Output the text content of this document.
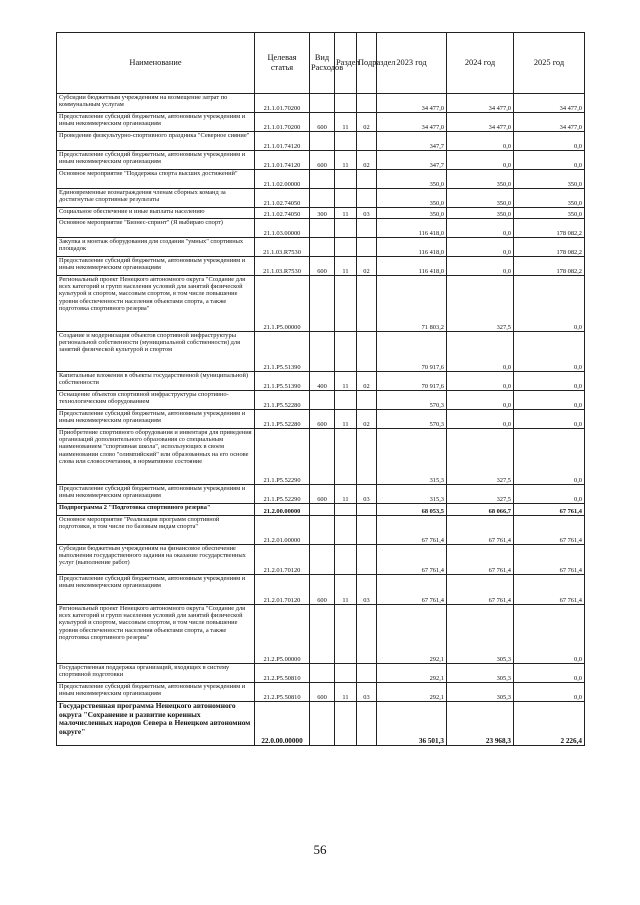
Наименование	Целевая статья	Вид Расходов	Раздел	Подраздел	2023 год	2024 год	2025 год
Субсидии бюджетным учреждениям на возмещение затрат по коммунальным услугам	21.1.01.70200				34 477,0	34 477,0	34 477,0
Предоставление субсидий бюджетным, автономным учреждениям и иным некоммерческим организациям	21.1.01.70200	600	11	02	34 477,0	34 477,0	34 477,0
Проведение физкультурно-спортивного праздника "Северное сияние"	21.1.01.74120				347,7	0,0	0,0
Предоставление субсидий бюджетным, автономным учреждениям и иным некоммерческим организациям	21.1.01.74120	600	11	02	347,7	0,0	0,0
Основное мероприятие "Поддержка спорта высших достижений"	21.1.02.00000				350,0	350,0	350,0
Единовременные вознаграждения членам сборных команд за достигнутые спортивные результаты	21.1.02.74050				350,0	350,0	350,0
Социальное обеспечение и иные выплаты населению	21.1.02.74050	300	11	03	350,0	350,0	350,0
Основное мероприятие "Бизнес-спринт" (Я выбираю спорт)	21.1.03.00000				116 418,0	0,0	178 082,2
Закупка и монтаж оборудования для создания "умных" спортивных площадок	21.1.03.R7530				116 418,0	0,0	178 082,2
Предоставление субсидий бюджетным, автономным учреждениям и иным некоммерческим организациям	21.1.03.R7530	600	11	02	116 418,0	0,0	178 082,2
Региональный проект Ненецкого автономного округа "Создание для всех категорий и групп населения условий для занятий физической культурой и спортом, массовым спортом, в том числе повышение уровня обеспеченности населения объектами спорта, а также подготовка спортивного резерва"	21.1.P5.00000				71 803,2	327,5	0,0
Создание и модернизация объектов спортивной инфраструктуры региональной собственности (муниципальной собственности) для занятий физической культурой и спортом	21.1.P5.51390				70 917,6	0,0	0,0
Капитальные вложения в объекты государственной (муниципальной) собственности	21.1.P5.51390	400	11	02	70 917,6	0,0	0,0
Оснащение объектов спортивной инфраструктуры спортивно-технологическим оборудованием	21.1.P5.52280				570,3	0,0	0,0
Предоставление субсидий бюджетным, автономным учреждениям и иным некоммерческим организациям	21.1.P5.52280	600	11	02	570,3	0,0	0,0
Приобретение спортивного оборудования и инвентаря для приведения организаций дополнительного образования со специальным наименованием "спортивная школа", использующих в своем наименовании слово "олимпийский" или образованных на его основе слова или словосочетания, в нормативное состояние	21.1.P5.52290				315,3	327,5	0,0
Предоставление субсидий бюджетным, автономным учреждениям и иным некоммерческим организациям	21.1.P5.52290	600	11	03	315,3	327,5	0,0
Подпрограмма 2 "Подготовка спортивного резерва"	21.2.00.00000				68 053,5	68 066,7	67 761,4
Основное мероприятие "Реализация программ спортивной подготовки, в том числе по базовым видам спорта"	21.2.01.00000				67 761,4	67 761,4	67 761,4
Субсидии бюджетным учреждениям на финансовое обеспечение выполнения государственного задания на оказание государственных услуг (выполнение работ)	21.2.01.70120				67 761,4	67 761,4	67 761,4
Предоставление субсидий бюджетным, автономным учреждениям и иным некоммерческим организациям	21.2.01.70120	600	11	03	67 761,4	67 761,4	67 761,4
Региональный проект Ненецкого автономного округа "Создание для всех категорий и групп населения условий для занятий физической культурой и спортом, массовым спортом, в том числе повышение уровня обеспеченности населения объектами спорта, а также подготовка спортивного резерва"	21.2.P5.00000				292,1	305,3	0,0
Государственная поддержка организаций, входящих в систему спортивной подготовки	21.2.P5.50810				292,1	305,3	0,0
Предоставление субсидий бюджетным, автономным учреждениям и иным некоммерческим организациям	21.2.P5.50810	600	11	03	292,1	305,3	0,0
Государственная программа Ненецкого автономного округа "Сохранение и развитие коренных малочисленных народов Севера в Ненецком автономном округе"	22.0.00.00000				36 501,3	23 968,3	2 226,4
56
